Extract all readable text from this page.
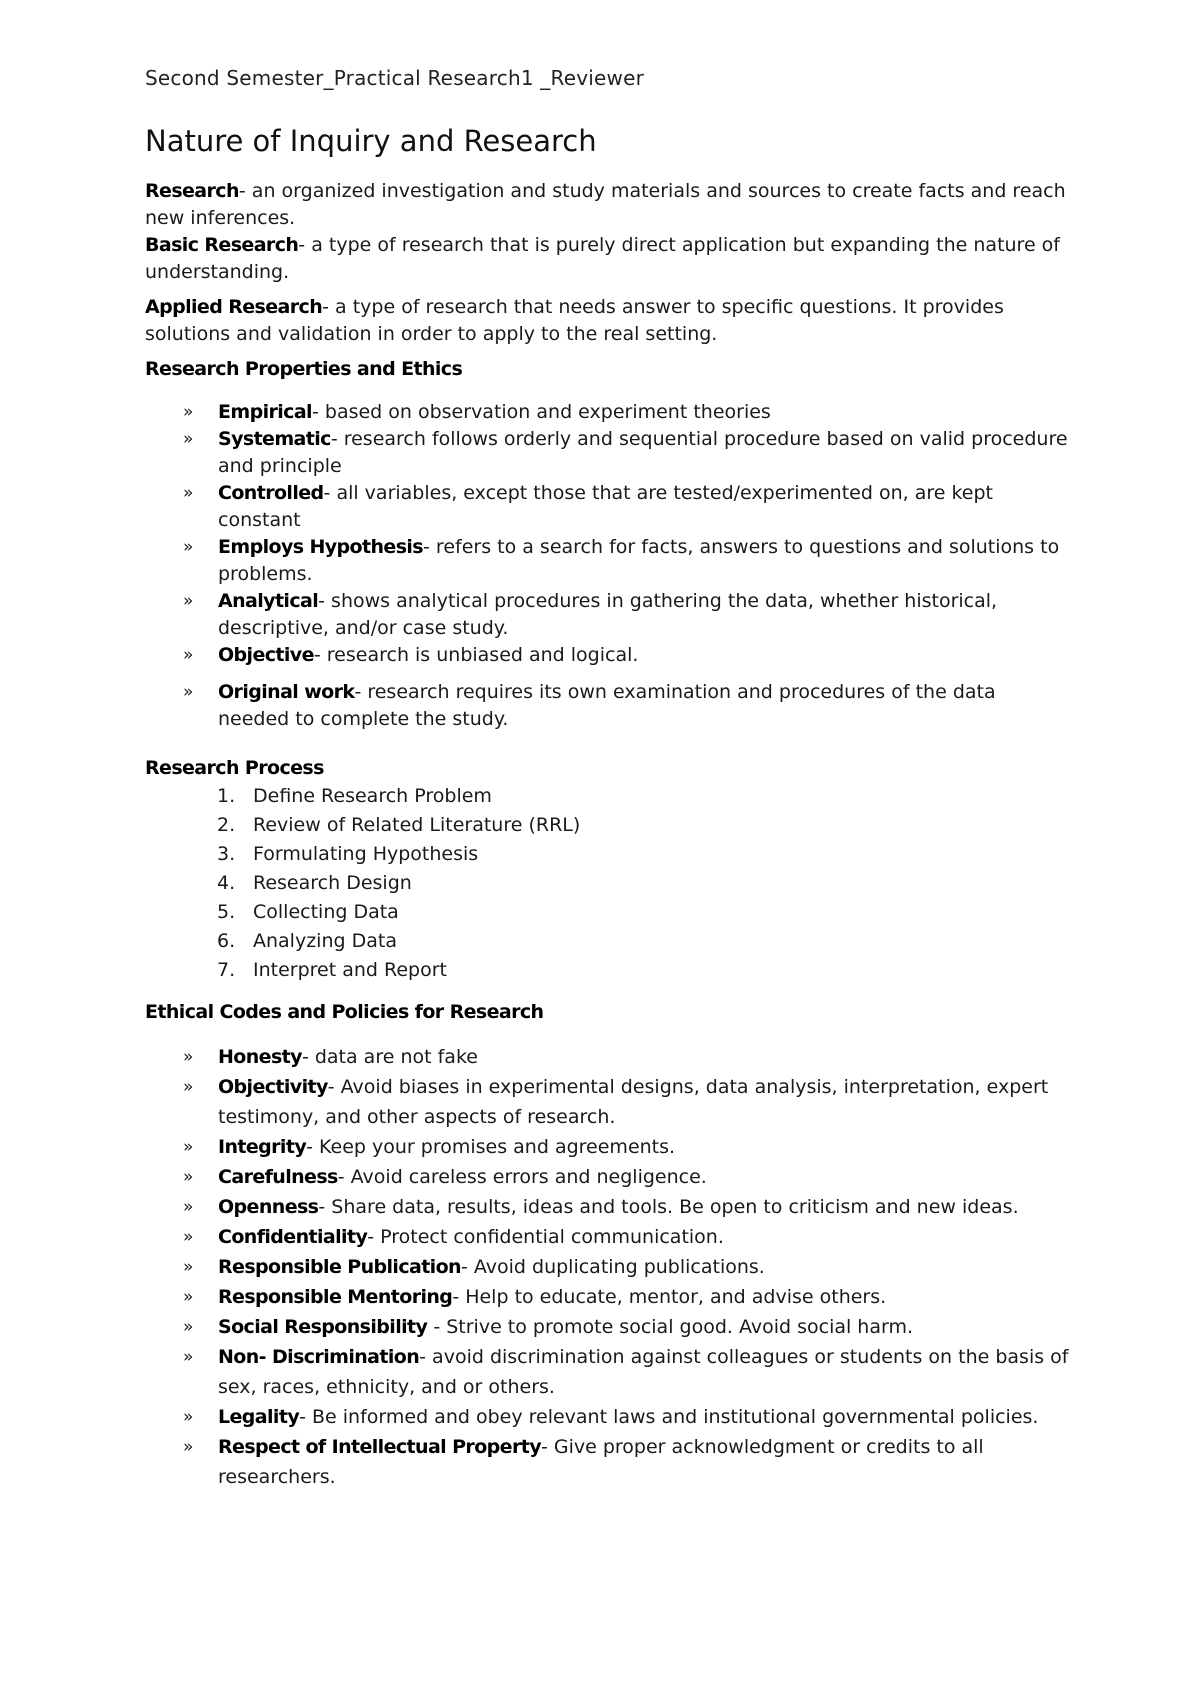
Second Semester_Practical Research1 _Reviewer
Nature of Inquiry and Research

Research- an organized investigation and study materials and sources to create facts and reach new inferences.

Basic Research- a type of research that is purely direct application but expanding the nature of understanding.

Applied Research- a type of research that needs answer to specific questions. It provides solutions and validation in order to apply to the real setting.

Research Properties and Ethics

» Empirical- based on observation and experiment theories
» Systematic- research follows orderly and sequential procedure based on valid procedure and principle
» Controlled- all variables, except those that are tested/experimented on, are kept constant
» Employs Hypothesis- refers to a search for facts, answers to questions and solutions to problems.
» Analytical- shows analytical procedures in gathering the data, whether historical, descriptive, and/or case study.
» Objective- research is unbiased and logical.
» Original work- research requires its own examination and procedures of the data needed to complete the study.

Research Process

1. Define Research Problem
2. Review of Related Literature (RRL)
3. Formulating Hypothesis
4. Research Design
5. Collecting Data
6. Analyzing Data
7. Interpret and Report

Ethical Codes and Policies for Research

» Honesty- data are not fake
» Objectivity- Avoid biases in experimental designs, data analysis, interpretation, expert testimony, and other aspects of research.
» Integrity- Keep your promises and agreements.
» Carefulness- Avoid careless errors and negligence.
» Openness- Share data, results, ideas and tools. Be open to criticism and new ideas.
» Confidentiality- Protect confidential communication.
» Responsible Publication- Avoid duplicating publications.
» Responsible Mentoring- Help to educate, mentor, and advise others.
» Social Responsibility - Strive to promote social good. Avoid social harm.
» Non- Discrimination- avoid discrimination against colleagues or students on the basis of sex, races, ethnicity, and or others.
» Legality- Be informed and obey relevant laws and institutional governmental policies.
» Respect of Intellectual Property- Give proper acknowledgment or credits to all researchers.
